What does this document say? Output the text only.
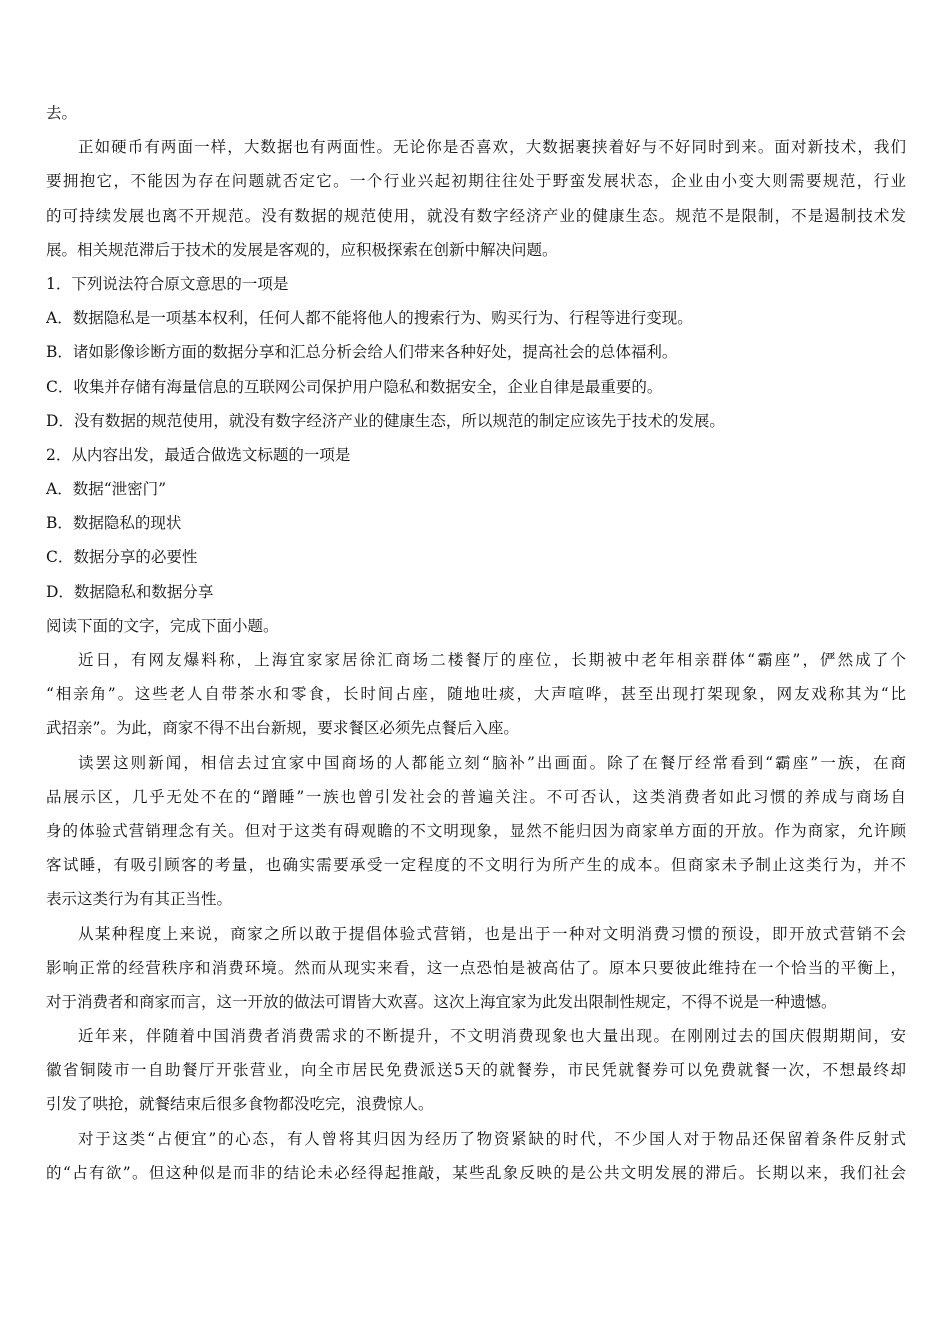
去。
正如硬币有两面一样，大数据也有两面性。无论你是否喜欢，大数据裹挟着好与不好同时到来。面对新技术，我们
要拥抱它，不能因为存在问题就否定它。一个行业兴起初期往往处于野蛮发展状态，企业由小变大则需要规范，行业
的可持续发展也离不开规范。没有数据的规范使用，就没有数字经济产业的健康生态。规范不是限制，不是遏制技术发
展。相关规范滞后于技术的发展是客观的，应积极探索在创新中解决问题。
1．下列说法符合原文意思的一项是
A．数据隐私是一项基本权利，任何人都不能将他人的搜索行为、购买行为、行程等进行变现。
B．诸如影像诊断方面的数据分享和汇总分析会给人们带来各种好处，提高社会的总体福利。
C．收集并存储有海量信息的互联网公司保护用户隐私和数据安全，企业自律是最重要的。
D．没有数据的规范使用，就没有数字经济产业的健康生态，所以规范的制定应该先于技术的发展。
2．从内容出发，最适合做选文标题的一项是
A．数据“泄密门”
B．数据隐私的现状
C．数据分享的必要性
D．数据隐私和数据分享
阅读下面的文字，完成下面小题。
近日，有网友爆料称，上海宜家家居徐汇商场二楼餐厅的座位，长期被中老年相亲群体“霸座”，俨然成了个
“相亲角”。这些老人自带茶水和零食，长时间占座，随地吐痰，大声喧哗，甚至出现打架现象，网友戏称其为“比
武招亲”。为此，商家不得不出台新规，要求餐区必须先点餐后入座。
读罢这则新闻，相信去过宜家中国商场的人都能立刻“脑补”出画面。除了在餐厅经常看到“霸座”一族，在商
品展示区，几乎无处不在的“蹭睡”一族也曾引发社会的普遍关注。不可否认，这类消费者如此习惯的养成与商场自
身的体验式营销理念有关。但对于这类有碍观瞻的不文明现象，显然不能归因为商家单方面的开放。作为商家，允许顾
客试睡，有吸引顾客的考量，也确实需要承受一定程度的不文明行为所产生的成本。但商家未予制止这类行为，并不
表示这类行为有其正当性。
从某种程度上来说，商家之所以敢于提倡体验式营销，也是出于一种对文明消费习惯的预设，即开放式营销不会
影响正常的经营秩序和消费环境。然而从现实来看，这一点恐怕是被高估了。原本只要彼此维持在一个恰当的平衡上，
对于消费者和商家而言，这一开放的做法可谓皆大欢喜。这次上海宜家为此发出限制性规定，不得不说是一种遗憾。
近年来，伴随着中国消费者消费需求的不断提升，不文明消费现象也大量出现。在刚刚过去的国庆假期期间，安
徽省铜陵市一自助餐厅开张营业，向全市居民免费派送5天的就餐券，市民凭就餐券可以免费就餐一次，不想最终却
引发了哄抢，就餐结束后很多食物都没吃完，浪费惊人。
对于这类“占便宜”的心态，有人曾将其归因为经历了物资紧缺的时代，不少国人对于物品还保留着条件反射式
的“占有欲”。但这种似是而非的结论未必经得起推敲，某些乱象反映的是公共文明发展的滞后。长期以来，我们社会
